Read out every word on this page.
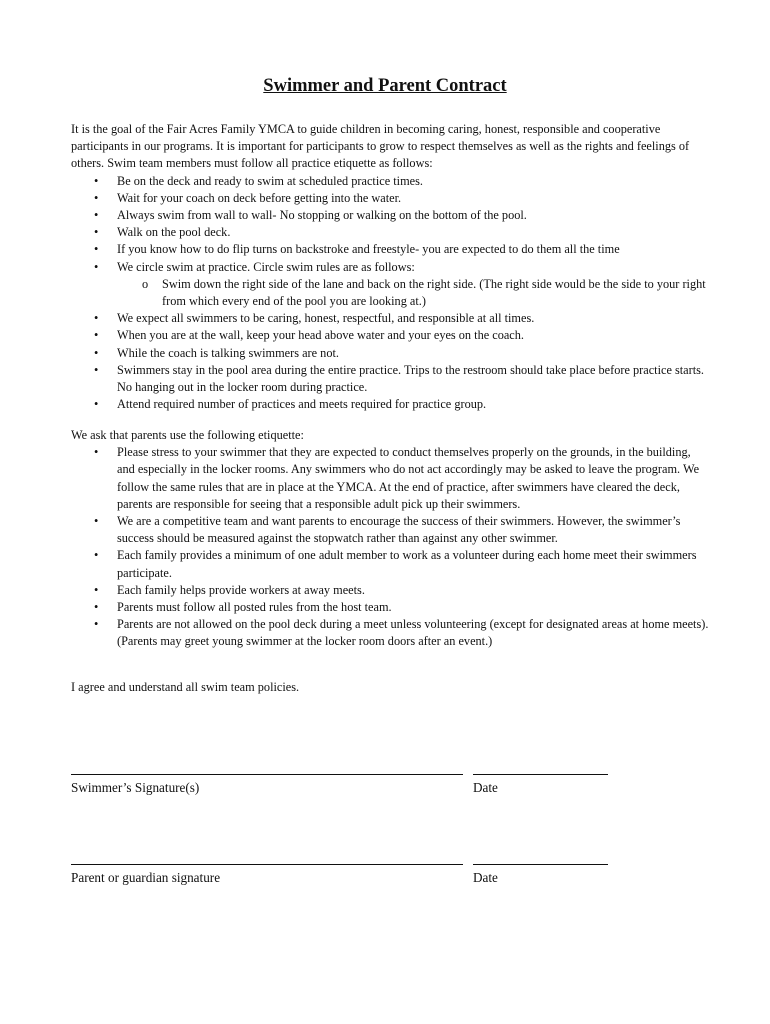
Swimmer and Parent Contract

It is the goal of the Fair Acres Family YMCA to guide children in becoming caring, honest, responsible and cooperative participants in our programs. It is important for participants to grow to respect themselves as well as the rights and feelings of others. Swim team members must follow all practice etiquette as follows:

• Be on the deck and ready to swim at scheduled practice times.
• Wait for your coach on deck before getting into the water.
• Always swim from wall to wall- No stopping or walking on the bottom of the pool.
• Walk on the pool deck.
• If you know how to do flip turns on backstroke and freestyle- you are expected to do them all the time
• We circle swim at practice. Circle swim rules are as follows:
o Swim down the right side of the lane and back on the right side. (The right side would be the side to your right from which every end of the pool you are looking at.)
• We expect all swimmers to be caring, honest, respectful, and responsible at all times.
• When you are at the wall, keep your head above water and your eyes on the coach.
• While the coach is talking swimmers are not.
• Swimmers stay in the pool area during the entire practice. Trips to the restroom should take place before practice starts. No hanging out in the locker room during practice.
• Attend required number of practices and meets required for practice group.

We ask that parents use the following etiquette:

• Please stress to your swimmer that they are expected to conduct themselves properly on the grounds, in the building, and especially in the locker rooms. Any swimmers who do not act accordingly may be asked to leave the program. We follow the same rules that are in place at the YMCA. At the end of practice, after swimmers have cleared the deck, parents are responsible for seeing that a responsible adult pick up their swimmers.
• We are a competitive team and want parents to encourage the success of their swimmers. However, the swimmer’s success should be measured against the stopwatch rather than against any other swimmer.
• Each family provides a minimum of one adult member to work as a volunteer during each home meet their swimmers participate.
• Each family helps provide workers at away meets.
• Parents must follow all posted rules from the host team.
• Parents are not allowed on the pool deck during a meet unless volunteering (except for designated areas at home meets). (Parents may greet young swimmer at the locker room doors after an event.)
I agree and understand all swim team policies.
Swimmer’s Signature(s)	Date
Parent or guardian signature	Date
